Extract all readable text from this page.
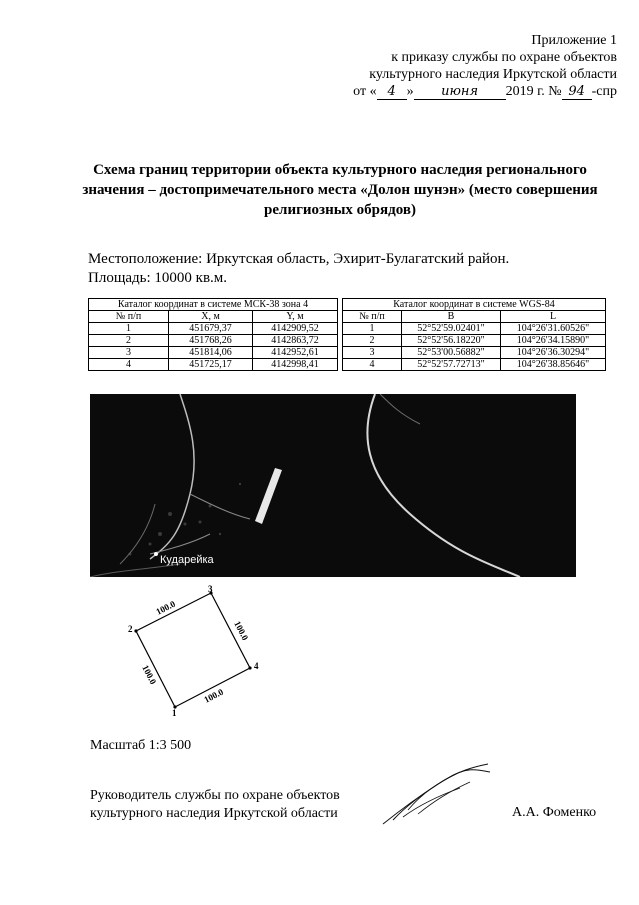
Приложение 1
к приказу службы по охране объектов
культурного наследия Иркутской области
от « 4 » июня 2019 г. № 94 -спр
Схема границ территории объекта культурного наследия регионального значения – достопримечательного места «Долон шунэн» (место совершения религиозных обрядов)
Местоположение: Иркутская область, Эхирит-Булагатский район.
Площадь: 10000 кв.м.
Каталог координат в системе МСК-38 зона 4		
№ п/п	X, м	Y, м
1	451679,37	4142909,52
2	451768,26	4142863,72
3	451814,06	4142952,61
4	451725,17	4142998,41
Каталог координат в системе WGS-84		
№ п/п	B	L
1	52°52'59.02401"	104°26'31.60526"
2	52°52'56.18220"	104°26'34.15890"
3	52°53'00.56882"	104°26'36.30294"
4	52°52'57.72713"	104°26'38.85646"
Кударейка
1
2
3
4
100.0
100.0
100.0
100.0
Масштаб 1:3 500
Руководитель службы по охране объектов
культурного наследия Иркутской области	А.А. Фоменко
